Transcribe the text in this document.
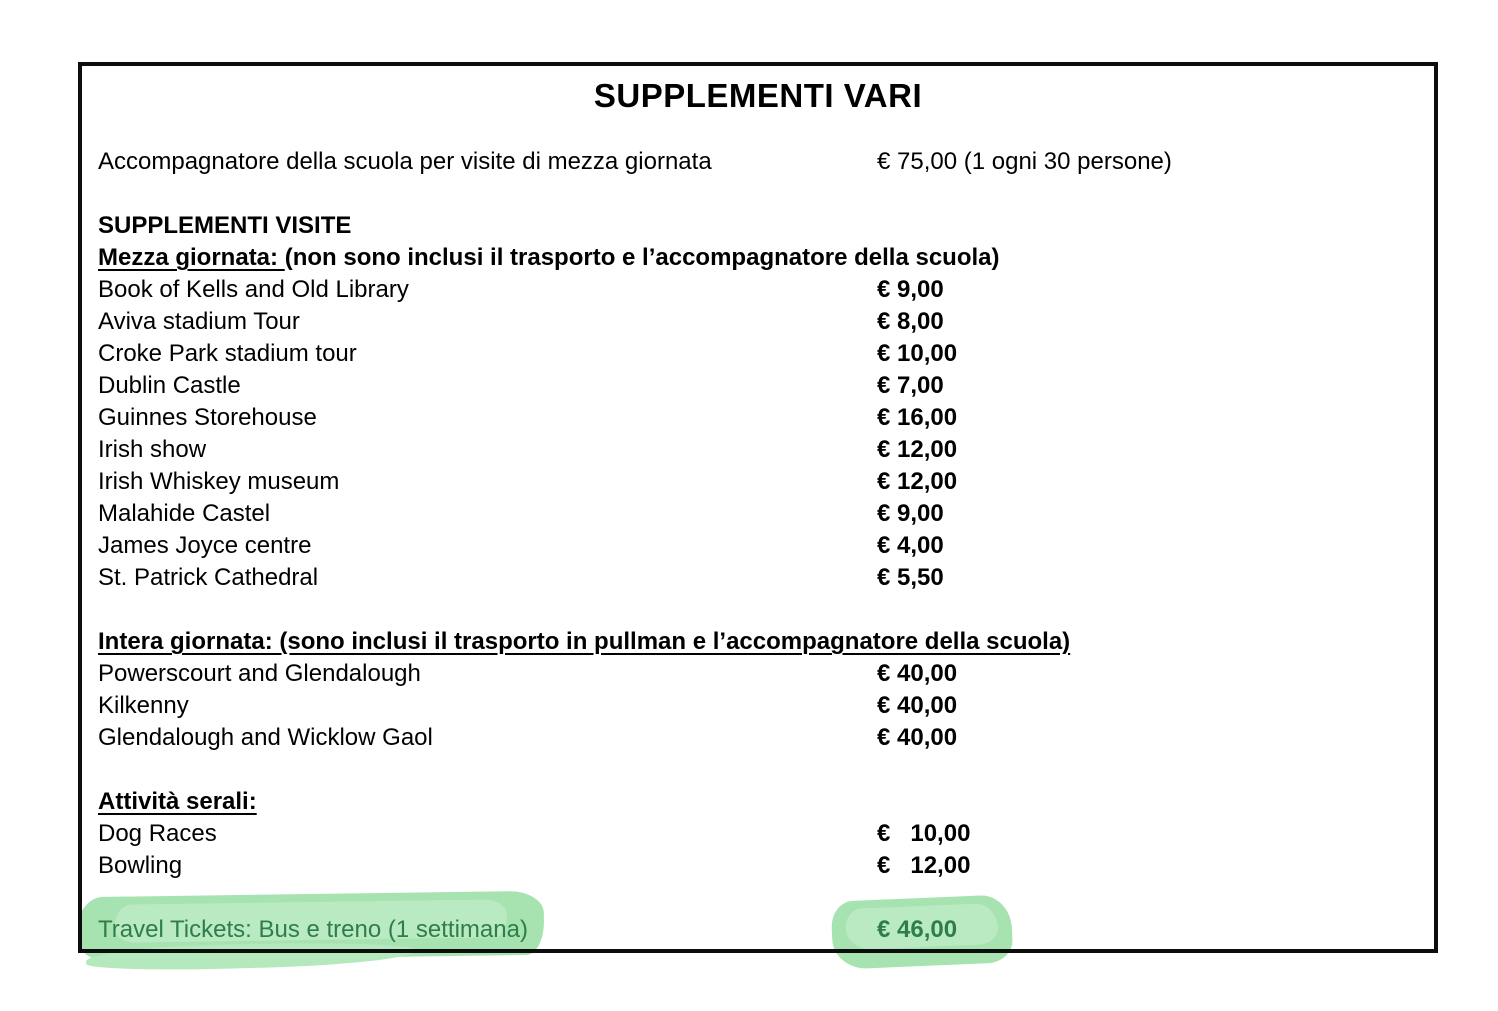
SUPPLEMENTI VARI
Accompagnatore della scuola per visite di mezza giornata	€ 75,00 (1 ogni 30 persone)
SUPPLEMENTI VISITE
Mezza giornata: (non sono inclusi il trasporto e l’accompagnatore della scuola)
Book of Kells and Old Library	€ 9,00
Aviva stadium Tour	€ 8,00
Croke Park stadium tour	€ 10,00
Dublin Castle	€ 7,00
Guinnes Storehouse	€ 16,00
Irish show	€ 12,00
Irish Whiskey museum	€ 12,00
Malahide Castel	€ 9,00
James Joyce centre	€ 4,00
St. Patrick Cathedral	€ 5,50
Intera giornata: (sono inclusi il trasporto in pullman e l’accompagnatore della scuola)
Powerscourt and Glendalough	€ 40,00
Kilkenny	€ 40,00
Glendalough and Wicklow Gaol	€ 40,00
Attività serali:
Dog Races	€   10,00
Bowling	€   12,00
Travel Tickets: Bus e treno (1 settimana)	€ 46,00
